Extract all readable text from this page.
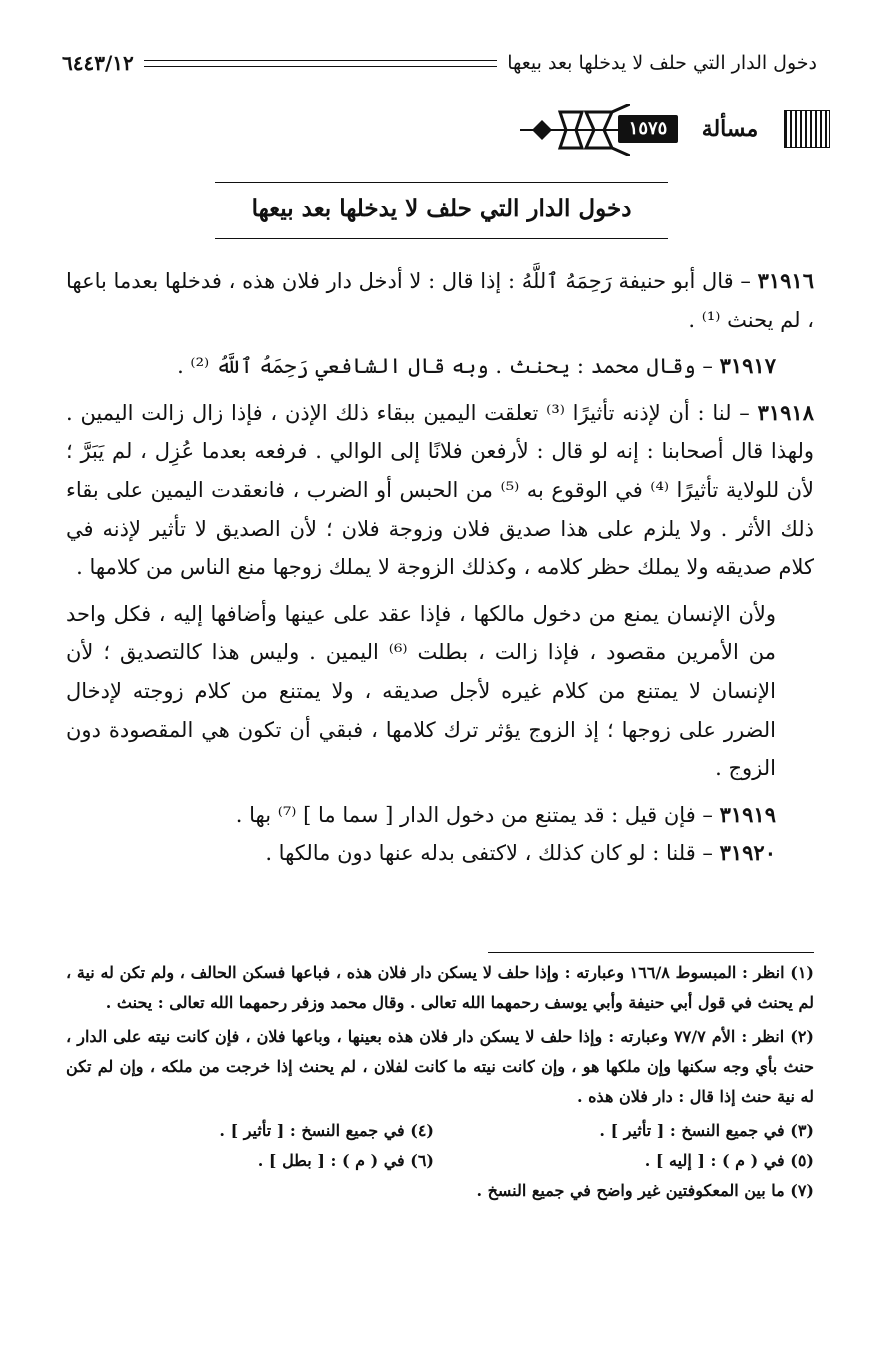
دخول الدار التي حلف لا يدخلها بعد بيعها
٦٤٤٣/١٢
مسألة
١٥٧٥
دخول الدار التي حلف لا يدخلها بعد بيعها

٣١٩١٦ – قال أبو حنيفة رَحِمَهُ ٱللَّهُ : إذا قال : لا أدخل دار فلان هذه ، فدخلها بعدما باعها ، لم يحنث ⁽¹⁾ .

٣١٩١٧ – وقال محمد : يحنث . وبه قال الشافعي رَحِمَهُ ٱللَّهُ ⁽²⁾ .

٣١٩١٨ – لنا : أن لإذنه تأثيرًا ⁽³⁾ تعلقت اليمين ببقاء ذلك الإذن ، فإذا زال زالت اليمين . ولهذا قال أصحابنا : إنه لو قال : لأرفعن فلانًا إلى الوالي . فرفعه بعدما عُزِل ، لم يَبَرَّ ؛ لأن للولاية تأثيرًا ⁽⁴⁾ في الوقوع به ⁽⁵⁾ من الحبس أو الضرب ، فانعقدت اليمين على بقاء ذلك الأثر . ولا يلزم على هذا صديق فلان وزوجة فلان ؛ لأن الصديق لا تأثير لإذنه في كلام صديقه ولا يملك حظر كلامه ، وكذلك الزوجة لا يملك زوجها منع الناس من كلامها .

ولأن الإنسان يمنع من دخول مالكها ، فإذا عقد على عينها وأضافها إليه ، فكل واحد من الأمرين مقصود ، فإذا زالت ، بطلت ⁽⁶⁾ اليمين . وليس هذا كالتصديق ؛ لأن الإنسان لا يمتنع من كلام غيره لأجل صديقه ، ولا يمتنع من كلام زوجته لإدخال الضرر على زوجها ؛ إذ الزوج يؤثر ترك كلامها ، فبقي أن تكون هي المقصودة دون الزوج .

٣١٩١٩ – فإن قيل : قد يمتنع من دخول الدار [ سما ما ] ⁽⁷⁾ بها .

٣١٩٢٠ – قلنا : لو كان كذلك ، لاكتفى بدله عنها دون مالكها .

(١) انظر : المبسوط ١٦٦/٨ وعبارته : وإذا حلف لا يسكن دار فلان هذه ، فباعها فسكن الحالف ، ولم تكن له نية ، لم يحنث في قول أبي حنيفة وأبي يوسف رحمهما الله تعالى . وقال محمد وزفر رحمهما الله تعالى : يحنث .

(٢) انظر : الأم ٧٧/٧ وعبارته : وإذا حلف لا يسكن دار فلان هذه بعينها ، وباعها فلان ، فإن كانت نيته على الدار ، حنث بأي وجه سكنها وإن ملكها هو ، وإن كانت نيته ما كانت لفلان ، لم يحنث إذا خرجت من ملكه ، وإن لم تكن له نية حنث إذا قال : دار فلان هذه .

(٣) في جميع النسخ : [ تأثير ] .
(٤) في جميع النسخ : [ تأثير ] .
(٥) في ( م ) : [ إليه ] .
(٦) في ( م ) : [ بطل ] .

(٧) ما بين المعكوفتين غير واضح في جميع النسخ .
